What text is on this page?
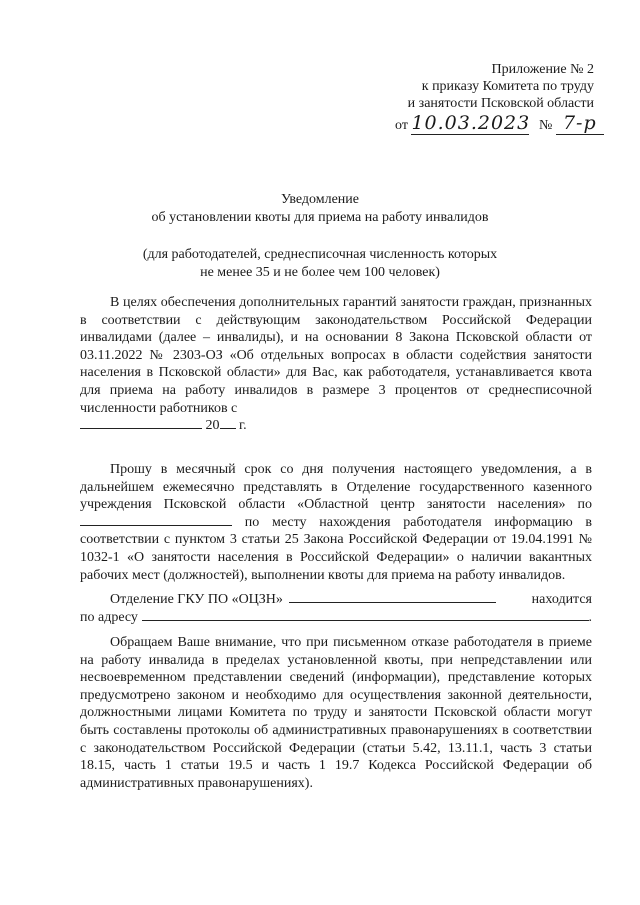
Приложение № 2
к приказу Комитета по труду
и занятости Псковской области
от 10.03.2023 № 7-р
Уведомление
об установлении квоты для приема на работу инвалидов
(для работодателей, среднесписочная численность которых
не менее 35 и не более чем 100 человек)

В целях обеспечения дополнительных гарантий занятости граждан, признанных в соответствии с действующим законодательством Российской Федерации инвалидами (далее – инвалиды), и на основании 8 Закона Псковской области от 03.11.2022 № 2303-ОЗ «Об отдельных вопросах в области содействия занятости населения в Псковской области» для Вас, как работодателя, устанавливается квота для приема на работу инвалидов в размере 3 процентов от среднесписочной численности работников с
20 г.

Прошу в месячный срок со дня получения настоящего уведомления, а в дальнейшем ежемесячно представлять в Отделение государственного казенного учреждения Псковской области «Областной центр занятости населения» по  по месту нахождения работодателя информацию в соответствии с пунктом 3 статьи 25 Закона Российской Федерации от 19.04.1991 № 1032-1 «О занятости населения в Российской Федерации» о наличии вакантных рабочих мест (должностей), выполнении квоты для приема на работу инвалидов.

Отделение ГКУ ПО «ОЦЗН»	находится
по адресу	.

Обращаем Ваше внимание, что при письменном отказе работодателя в приеме на работу инвалида в пределах установленной квоты, при непредставлении или несвоевременном представлении сведений (информации), представление которых предусмотрено законом и необходимо для осуществления законной деятельности, должностными лицами Комитета по труду и занятости Псковской области могут быть составлены протоколы об административных правонарушениях в соответствии с законодательством Российской Федерации (статьи 5.42, 13.11.1, часть 3 статьи 18.15, часть 1 статьи 19.5 и часть 1 19.7 Кодекса Российской Федерации об административных правонарушениях).
